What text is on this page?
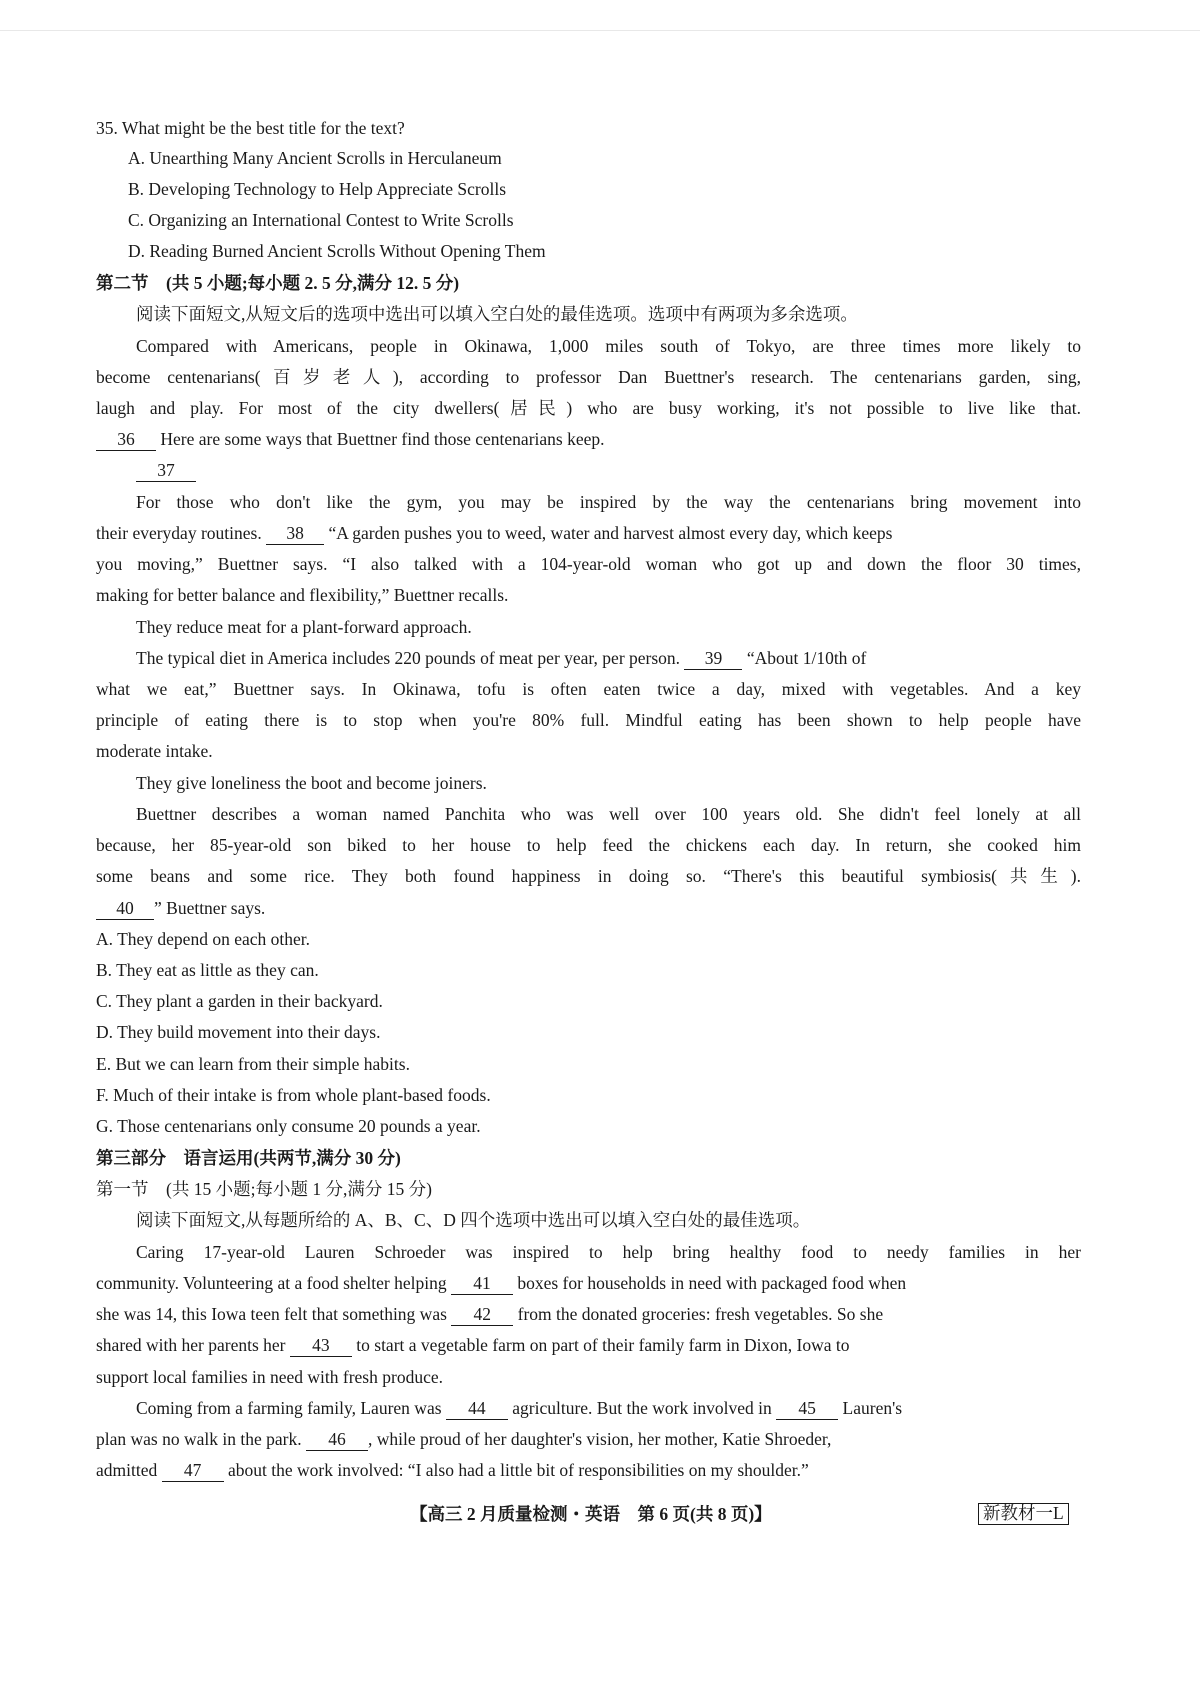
35. What might be the best title for the text?
A. Unearthing Many Ancient Scrolls in Herculaneum
B. Developing Technology to Help Appreciate Scrolls
C. Organizing an International Contest to Write Scrolls
D. Reading Burned Ancient Scrolls Without Opening Them
第二节　(共 5 小题;每小题 2. 5 分,满分 12. 5 分)
阅读下面短文,从短文后的选项中选出可以填入空白处的最佳选项。选项中有两项为多余选项。
Compared with Americans, people in Okinawa, 1,000 miles south of Tokyo, are three times more likely to
become centenarians(百岁老人), according to professor Dan Buettner's research. The centenarians garden, sing,
laugh and play. For most of the city dwellers(居民) who are busy working, it's not possible to live like that.
36 Here are some ways that Buettner find those centenarians keep.
37
For those who don't like the gym, you may be inspired by the way the centenarians bring movement into
their everyday routines. 38 “A garden pushes you to weed, water and harvest almost every day, which keeps
you moving,” Buettner says. “I also talked with a 104-year-old woman who got up and down the floor 30 times,
making for better balance and flexibility,” Buettner recalls.
They reduce meat for a plant-forward approach.
The typical diet in America includes 220 pounds of meat per year, per person. 39 “About 1/10th of
what we eat,” Buettner says. In Okinawa, tofu is often eaten twice a day, mixed with vegetables. And a key
principle of eating there is to stop when you're 80% full. Mindful eating has been shown to help people have
moderate intake.
They give loneliness the boot and become joiners.
Buettner describes a woman named Panchita who was well over 100 years old. She didn't feel lonely at all
because, her 85-year-old son biked to her house to help feed the chickens each day. In return, she cooked him
some beans and some rice. They both found happiness in doing so. “There's this beautiful symbiosis(共生).
40 ” Buettner says.
A. They depend on each other.
B. They eat as little as they can.
C. They plant a garden in their backyard.
D. They build movement into their days.
E. But we can learn from their simple habits.
F. Much of their intake is from whole plant-based foods.
G. Those centenarians only consume 20 pounds a year.
第三部分　语言运用(共两节,满分 30 分)
第一节　(共 15 小题;每小题 1 分,满分 15 分)
阅读下面短文,从每题所给的 A、B、C、D 四个选项中选出可以填入空白处的最佳选项。
Caring 17-year-old Lauren Schroeder was inspired to help bring healthy food to needy families in her
community. Volunteering at a food shelter helping 41 boxes for households in need with packaged food when
she was 14, this Iowa teen felt that something was 42 from the donated groceries: fresh vegetables. So she
shared with her parents her 43 to start a vegetable farm on part of their family farm in Dixon, Iowa to
support local families in need with fresh produce.
Coming from a farming family, Lauren was 44 agriculture. But the work involved in 45 Lauren's
plan was no walk in the park. 46 , while proud of her daughter's vision, her mother, Katie Shroeder,
admitted 47 about the work involved: “I also had a little bit of responsibilities on my shoulder.”
【高三 2 月质量检测・英语　第 6 页(共 8 页)】	新教材一L
